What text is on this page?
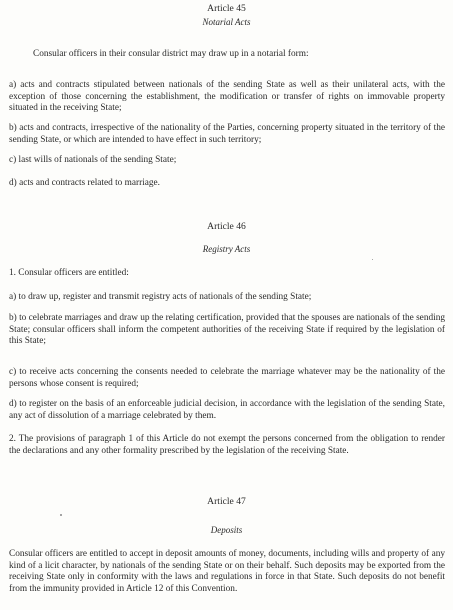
Article 45

Notarial Acts

Consular officers in their consular district may draw up in a notarial form:

a) acts and contracts stipulated between nationals of the sending State as well as their unilateral acts, with the exception of those concerning the establishment, the modification or transfer of rights on immovable property situated in the receiving State;

b) acts and contracts, irrespective of the nationality of the Parties, concerning property situated in the territory of the sending State, or which are intended to have effect in such territory;

c) last wills of nationals of the sending State;

d) acts and contracts related to marriage.

Article 46

Registry Acts

1. Consular officers are entitled:

a) to draw up, register and transmit registry acts of nationals of the sending State;

b) to celebrate marriages and draw up the relating certification, provided that the spouses are nationals of the sending State; consular officers shall inform the competent authorities of the receiving State if required by the legislation of this State;

c) to receive acts concerning the consents needed to celebrate the marriage whatever may be the nationality of the persons whose consent is required;

d) to register on the basis of an enforceable judicial decision, in accordance with the legislation of the sending State, any act of dissolution of a marriage celebrated by them.

2. The provisions of paragraph 1 of this Article do not exempt the persons concerned from the obligation to render the declarations and any other formality prescribed by the legislation of the receiving State.

Article 47

Deposits

Consular officers are entitled to accept in deposit amounts of money, documents, including wills and property of any kind of a licit character, by nationals of the sending State or on their behalf. Such deposits may be exported from the receiving State only in conformity with the laws and regulations in force in that State. Such deposits do not benefit from the immunity provided in Article 12 of this Convention.
